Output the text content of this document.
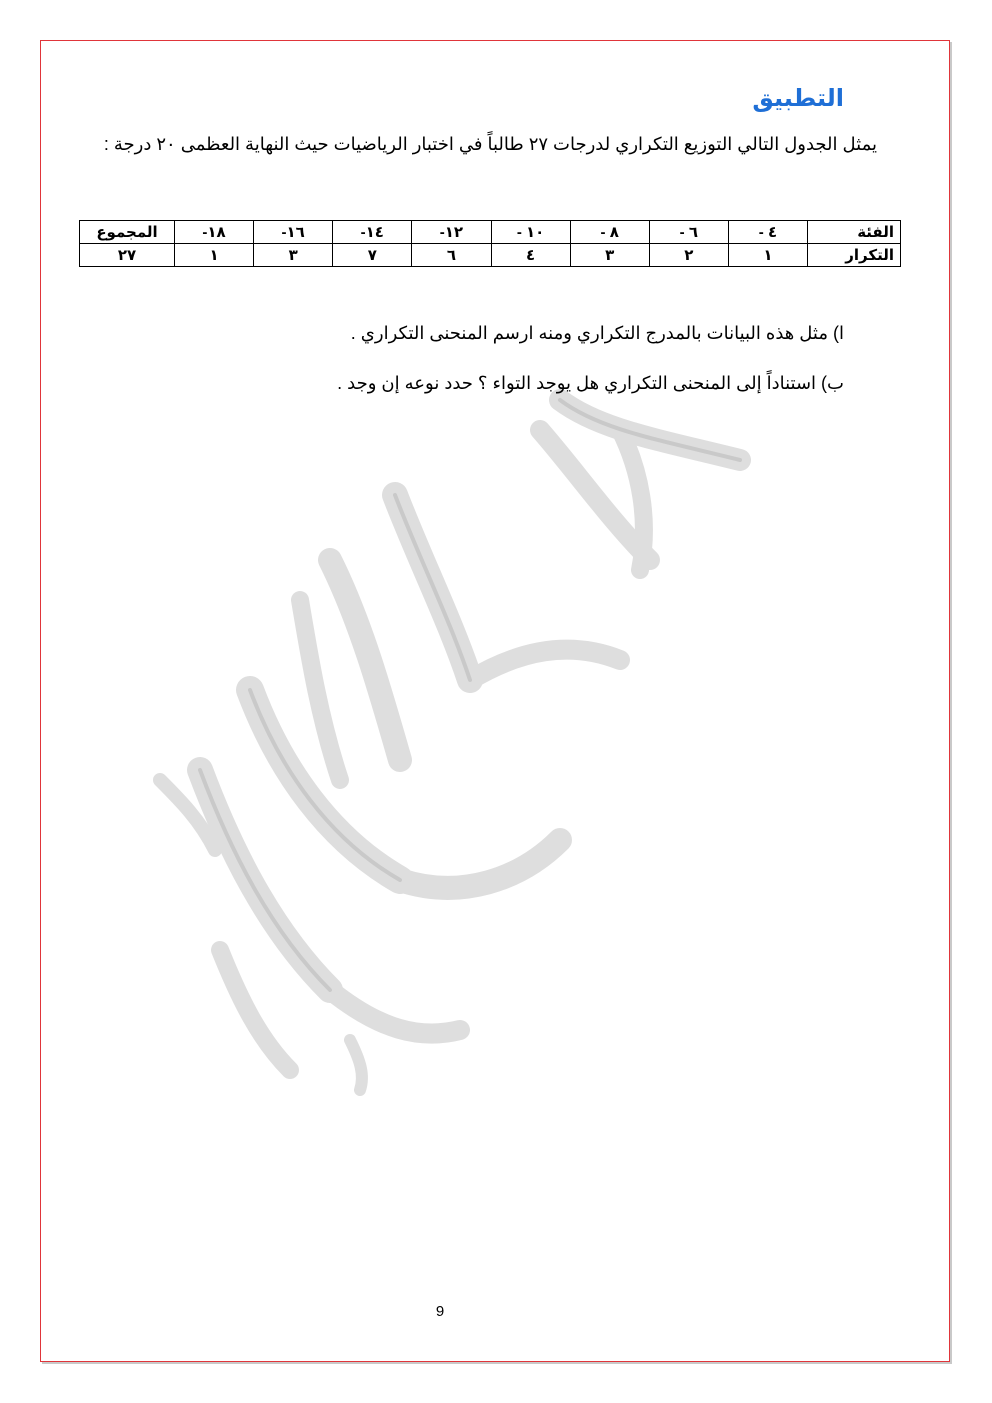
التطبيق

يمثل الجدول التالي التوزيع التكراري لدرجات ٢٧ طالباً في اختبار الرياضيات حيث النهاية العظمى ٢٠ درجة :

الفئة	٤ -	٦ -	٨ -	١٠ -	١٢-	١٤-	١٦-	١٨-	المجموع
التكرار	١	٢	٣	٤	٦	٧	٣	١	٢٧

ا) مثل هذه البيانات بالمدرج التكراري ومنه ارسم المنحنى التكراري .

ب) استناداً إلى المنحنى التكراري هل يوجد التواء ؟ حدد نوعه إن وجد .

9
